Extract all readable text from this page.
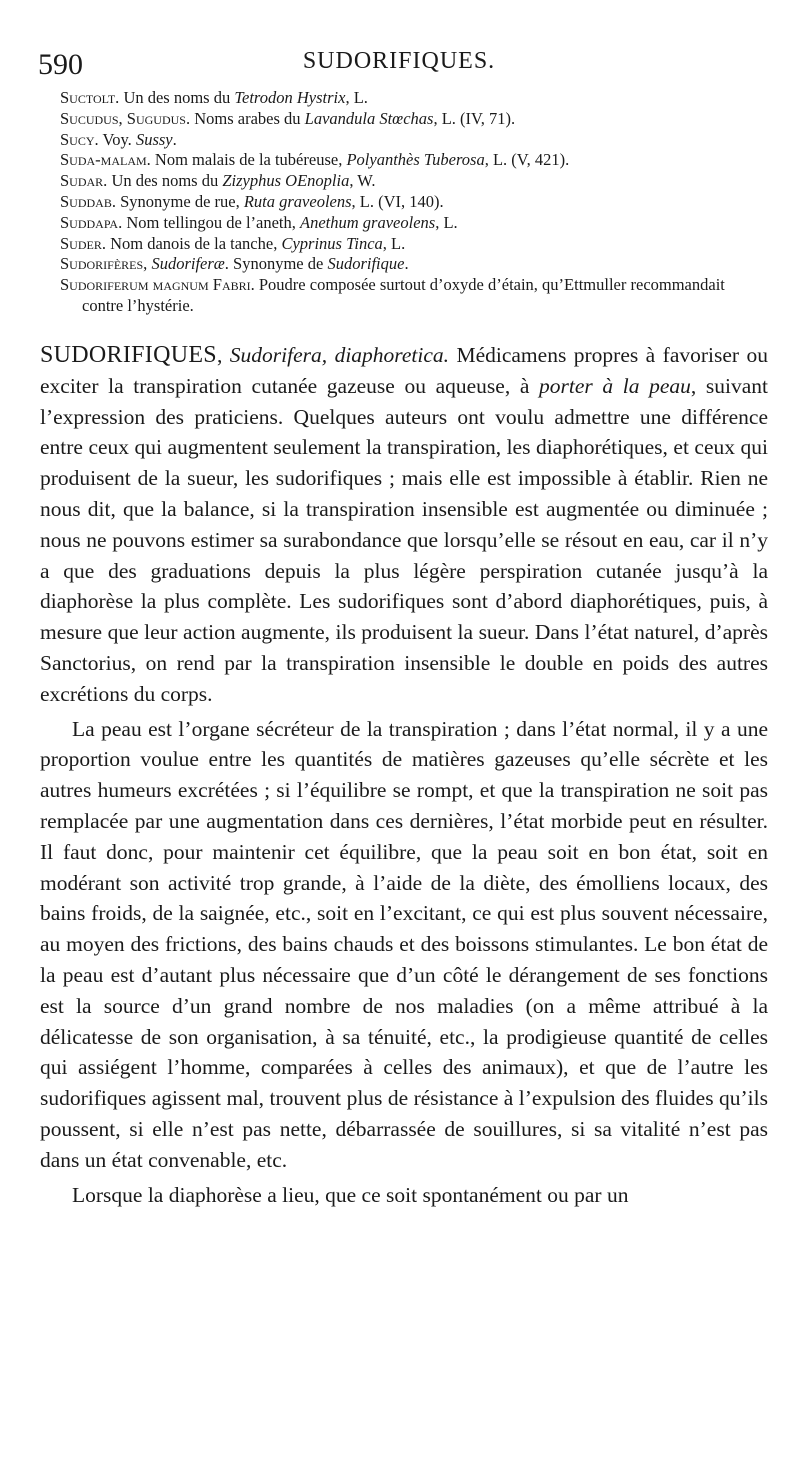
590	SUDORIFIQUES.

Suctolt. Un des noms du Tetrodon Hystrix, L.

Sucudus, Sugudus. Noms arabes du Lavandula Stœchas, L. (IV, 71).

Sucy. Voy. Sussy.

Suda-malam. Nom malais de la tubéreuse, Polyanthès Tuberosa, L. (V, 421).

Sudar. Un des noms du Zizyphus OEnoplia, W.

Suddab. Synonyme de rue, Ruta graveolens, L. (VI, 140).

Suddapa. Nom tellingou de l’aneth, Anethum graveolens, L.

Suder. Nom danois de la tanche, Cyprinus Tinca, L.

Sudorifères, Sudoriferæ. Synonyme de Sudorifique.

Sudoriferum magnum Fabri. Poudre composée surtout d’oxyde d’étain, qu’Ettmuller recommandait contre l’hystérie.

SUDORIFIQUES, Sudorifera, diaphoretica. Médicamens propres à favoriser ou exciter la transpiration cutanée gazeuse ou aqueuse, à porter à la peau, suivant l’expression des praticiens. Quelques auteurs ont voulu admettre une différence entre ceux qui augmentent seulement la transpiration, les diaphorétiques, et ceux qui produisent de la sueur, les sudorifiques ; mais elle est impossible à établir. Rien ne nous dit, que la balance, si la transpiration insensible est augmentée ou diminuée ; nous ne pouvons estimer sa surabondance que lorsqu’elle se résout en eau, car il n’y a que des graduations depuis la plus légère perspiration cutanée jusqu’à la diaphorèse la plus complète. Les sudorifiques sont d’abord diaphorétiques, puis, à mesure que leur action augmente, ils produisent la sueur. Dans l’état naturel, d’après Sanctorius, on rend par la transpiration insensible le double en poids des autres excrétions du corps.

La peau est l’organe sécréteur de la transpiration ; dans l’état normal, il y a une proportion voulue entre les quantités de matières gazeuses qu’elle sécrète et les autres humeurs excrétées ; si l’équilibre se rompt, et que la transpiration ne soit pas remplacée par une augmentation dans ces dernières, l’état morbide peut en résulter. Il faut donc, pour maintenir cet équilibre, que la peau soit en bon état, soit en modérant son activité trop grande, à l’aide de la diète, des émolliens locaux, des bains froids, de la saignée, etc., soit en l’excitant, ce qui est plus souvent nécessaire, au moyen des frictions, des bains chauds et des boissons stimulantes. Le bon état de la peau est d’autant plus nécessaire que d’un côté le dérangement de ses fonctions est la source d’un grand nombre de nos maladies (on a même attribué à la délicatesse de son organisation, à sa ténuité, etc., la prodigieuse quantité de celles qui assiégent l’homme, comparées à celles des animaux), et que de l’autre les sudorifiques agissent mal, trouvent plus de résistance à l’expulsion des fluides qu’ils poussent, si elle n’est pas nette, débarrassée de souillures, si sa vitalité n’est pas dans un état convenable, etc.

Lorsque la diaphorèse a lieu, que ce soit spontanément ou par un
